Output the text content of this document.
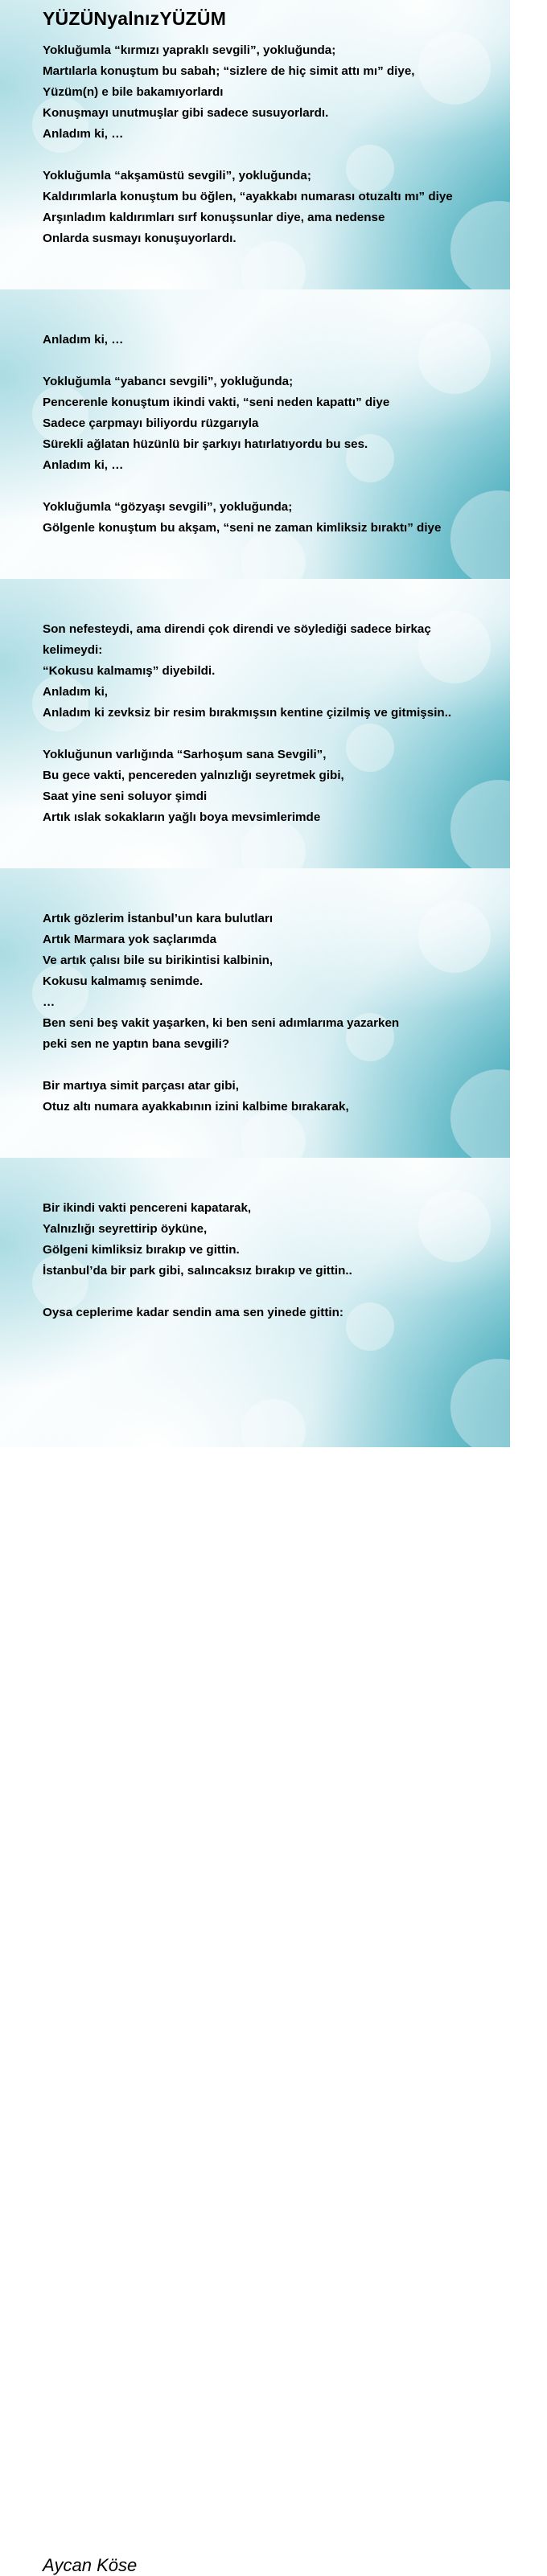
YÜZÜNyalnızYÜZÜM
Yokluğumla “kırmızı yapraklı sevgili”, yokluğunda;
Martılarla konuştum bu sabah; “sizlere de hiç simit attı mı” diye,
Yüzüm(n) e bile bakamıyorlardı
Konuşmayı unutmuşlar gibi sadece susuyorlardı.
Anladım ki, …
Yokluğumla “akşamüstü sevgili”, yokluğunda;
Kaldırımlarla konuştum bu öğlen, “ayakkabı numarası otuzaltı mı” diye
Arşınladım kaldırımları sırf konuşsunlar diye, ama nedense
Onlarda susmayı konuşuyorlardı.
Anladım ki, …
Yokluğumla “yabancı sevgili”, yokluğunda;
Pencerenle konuştum ikindi vakti, “seni neden kapattı” diye
Sadece çarpmayı biliyordu rüzgarıyla
Sürekli ağlatan hüzünlü bir şarkıyı hatırlatıyordu bu ses.
Anladım ki, …
Yokluğumla “gözyaşı sevgili”, yokluğunda;
Gölgenle konuştum bu akşam, “seni ne zaman kimliksiz bıraktı” diye
Son nefesteydi, ama direndi çok direndi ve söylediği sadece birkaç
kelimeydi:
“Kokusu kalmamış” diyebildi.
Anladım ki,
Anladım ki zevksiz bir resim bırakmışsın kentine çizilmiş ve gitmişsin..
Yokluğunun varlığında “Sarhoşum sana Sevgili”,
Bu gece vakti, pencereden yalnızlığı seyretmek gibi,
Saat yine seni soluyor şimdi
Artık ıslak sokakların yağlı boya mevsimlerimde
Artık gözlerim İstanbul’un kara bulutları
Artık Marmara yok saçlarımda
Ve artık çalısı bile su birikintisi kalbinin,
Kokusu kalmamış senimde.
…
Ben seni beş vakit yaşarken, ki ben seni adımlarıma yazarken
peki sen ne yaptın bana sevgili?
Bir martıya simit parçası atar gibi,
Otuz altı numara ayakkabının izini kalbime bırakarak,
Bir ikindi vakti pencereni kapatarak,
Yalnızlığı seyrettirip öyküne,
Gölgeni kimliksiz bırakıp ve gittin.
İstanbul’da bir park gibi, salıncaksız bırakıp ve gittin..
Oysa ceplerime kadar sendin ama sen yinede gittin:
Aycan Köse
